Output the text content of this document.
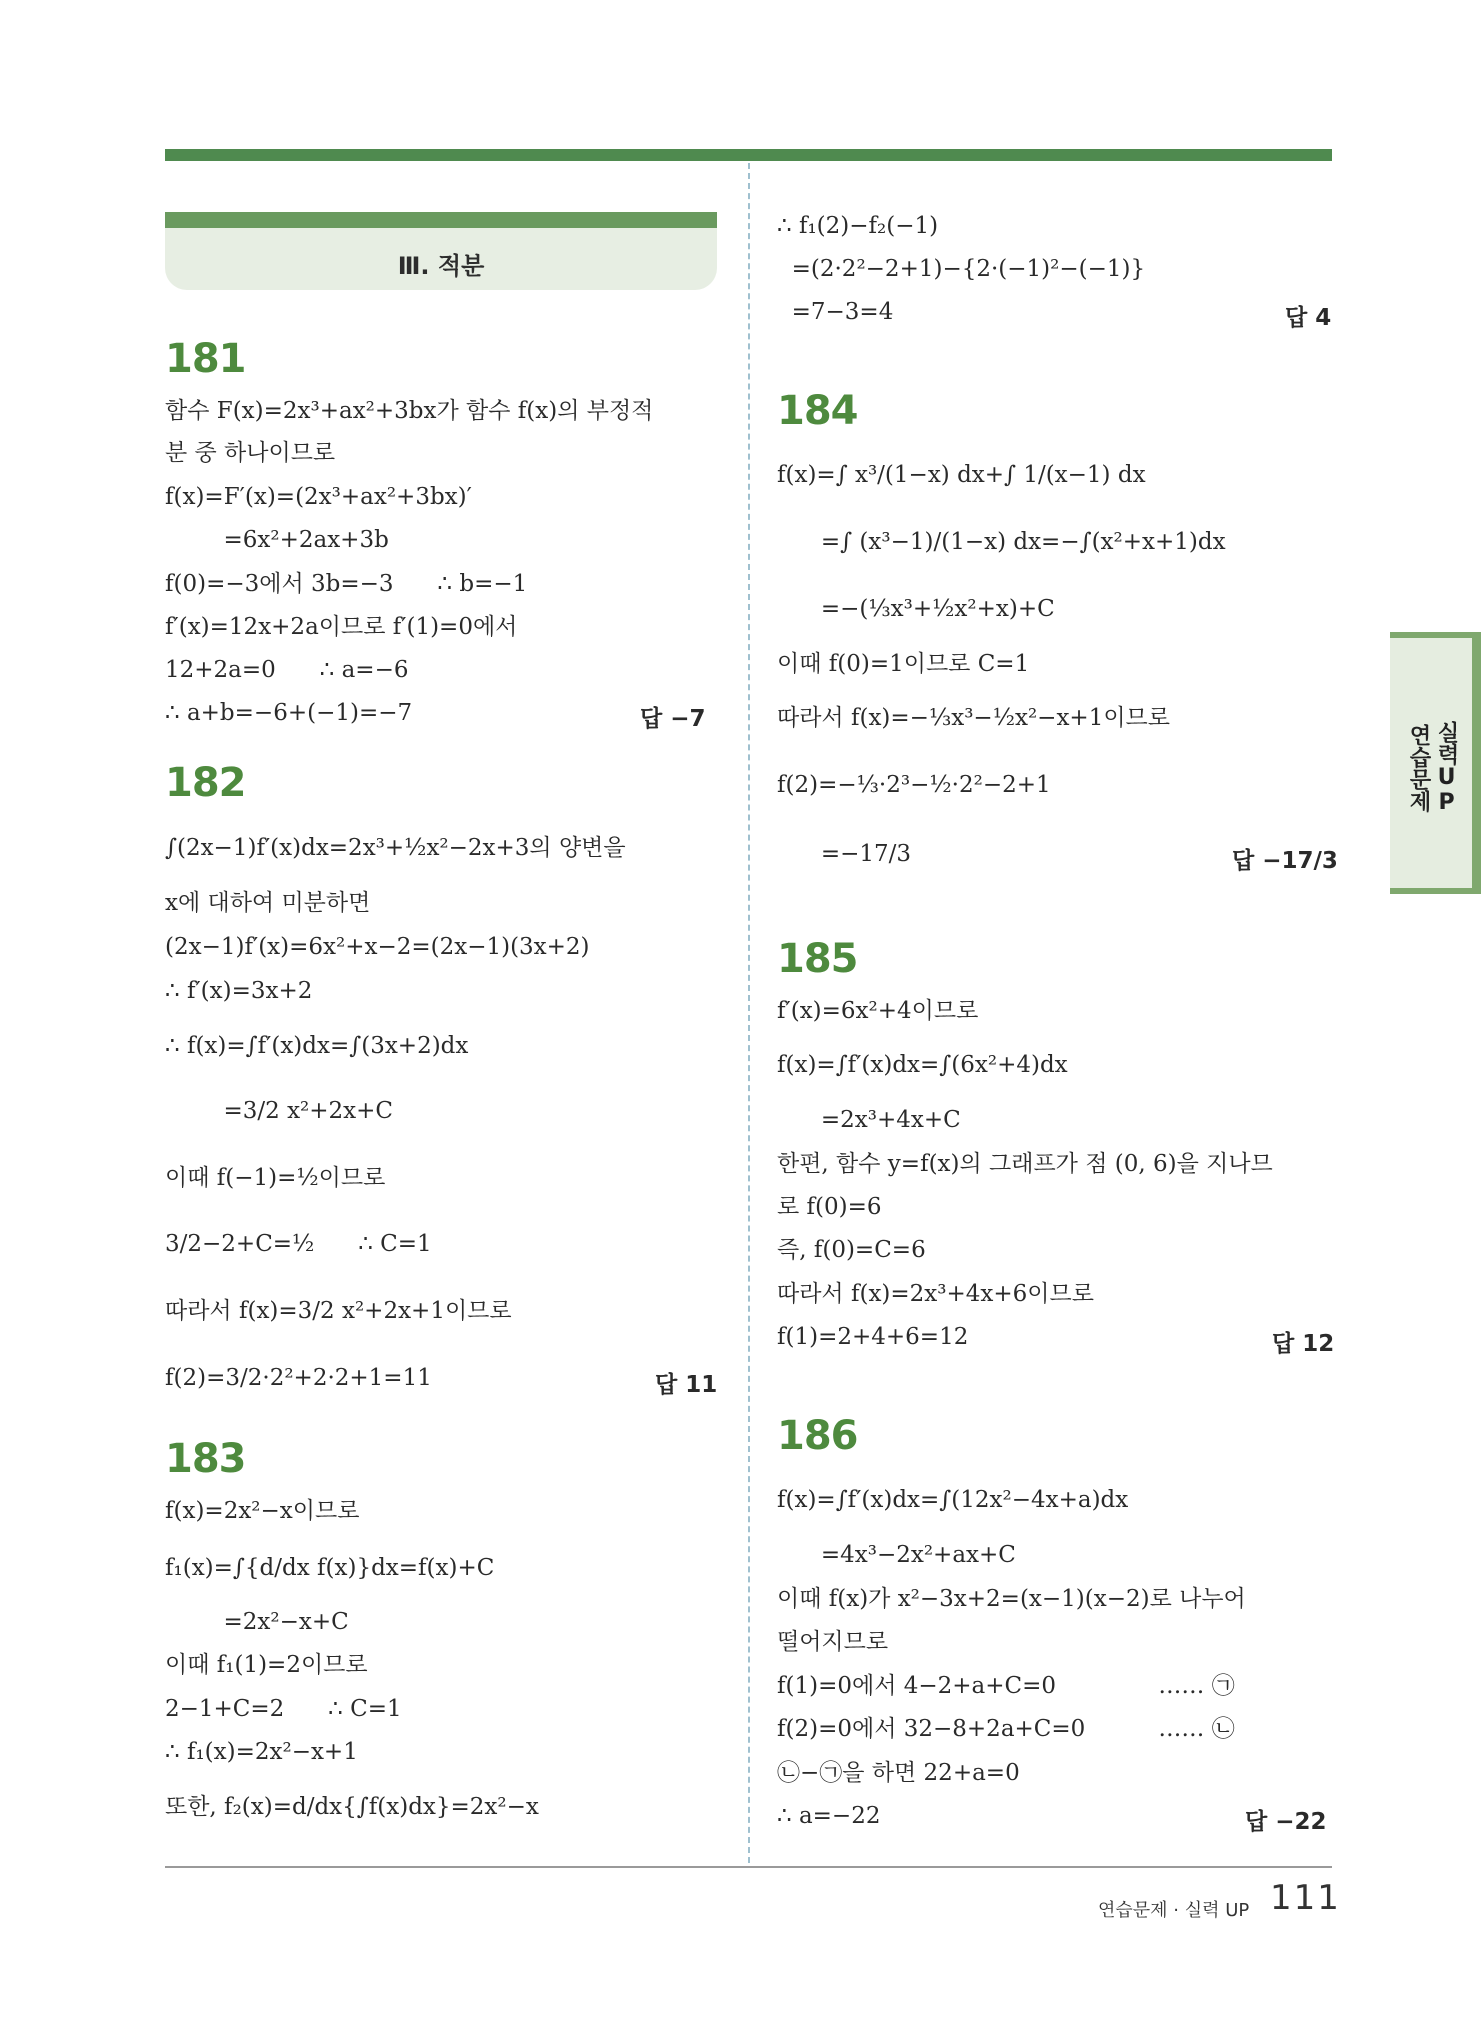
Ⅲ. 적분
181
함수 F(x)=2x³+ax²+3bx가 함수 f(x)의 부정적
분 중 하나이므로
f(x)=F′(x)=(2x³+ax²+3bx)′
=6x²+2ax+3b
f(0)=−3에서 3b=−3      ∴ b=−1
f′(x)=12x+2a이므로 f′(1)=0에서
12+2a=0      ∴ a=−6
∴ a+b=−6+(−1)=−7	답 −7
182
∫(2x−1)f′(x)dx=2x³+½x²−2x+3의 양변을
x에 대하여 미분하면
(2x−1)f′(x)=6x²+x−2=(2x−1)(3x+2)
∴ f′(x)=3x+2
∴ f(x)=∫f′(x)dx=∫(3x+2)dx
=3/2 x²+2x+C
이때 f(−1)=½이므로
3/2−2+C=½      ∴ C=1
따라서 f(x)=3/2 x²+2x+1이므로
f(2)=3/2·2²+2·2+1=11	답 11
183
f(x)=2x²−x이므로
f₁(x)=∫{d/dx f(x)}dx=f(x)+C
=2x²−x+C
이때 f₁(1)=2이므로
2−1+C=2      ∴ C=1
∴ f₁(x)=2x²−x+1
또한, f₂(x)=d/dx{∫f(x)dx}=2x²−x
∴ f₁(2)−f₂(−1)
=(2·2²−2+1)−{2·(−1)²−(−1)}
=7−3=4	답 4
184
f(x)=∫ x³/(1−x) dx+∫ 1/(x−1) dx
=∫ (x³−1)/(1−x) dx=−∫(x²+x+1)dx
=−(⅓x³+½x²+x)+C
이때 f(0)=1이므로 C=1
따라서 f(x)=−⅓x³−½x²−x+1이므로
f(2)=−⅓·2³−½·2²−2+1
=−17/3	답 −17/3
185
f′(x)=6x²+4이므로
f(x)=∫f′(x)dx=∫(6x²+4)dx
=2x³+4x+C
한편, 함수 y=f(x)의 그래프가 점 (0, 6)을 지나므
로 f(0)=6
즉, f(0)=C=6
따라서 f(x)=2x³+4x+6이므로
f(1)=2+4+6=12	답 12
186
f(x)=∫f′(x)dx=∫(12x²−4x+a)dx
=4x³−2x²+ax+C
이때 f(x)가 x²−3x+2=(x−1)(x−2)로 나누어
떨어지므로
f(1)=0에서 4−2+a+C=0              …… ㉠
f(2)=0에서 32−8+2a+C=0          …… ㉡
㉡−㉠을 하면 22+a=0
∴ a=−22	답 −22
연습문제 실력UP
연습문제 · 실력 UP 111
